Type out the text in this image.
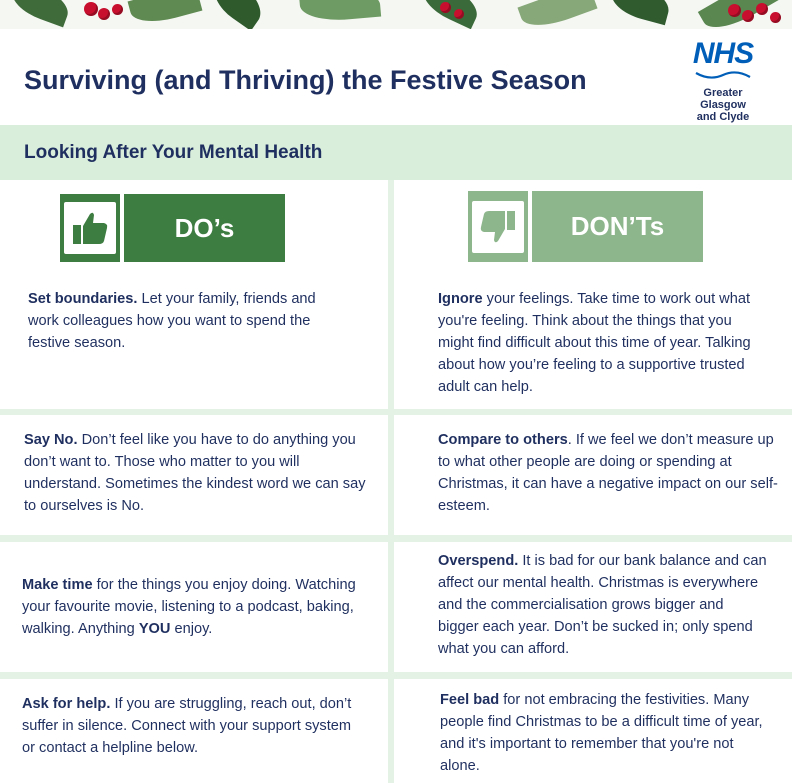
Surviving (and Thriving) the Festive Season
NHS
Greater Glasgow
and Clyde
Looking After Your Mental Health
DO’s

Set boundaries. Let your family, friends and work colleagues how you want to spend the festive season.

DON’Ts

Ignore your feelings. Take time to work out what you're feeling. Think about the things that you might find difficult about this time of year. Talking about how you’re feeling to a supportive trusted adult can help.

Say No. Don’t feel like you have to do anything you don’t want to. Those who matter to you will understand. Sometimes the kindest word we can say to ourselves is No.

Compare to others. If we feel we don’t measure up to what other people are doing or spending at Christmas, it can have a negative impact on our self-esteem.

Make time for the things you enjoy doing. Watching your favourite movie, listening to a podcast, baking, walking. Anything YOU enjoy.

Overspend. It is bad for our bank balance and can affect our mental health. Christmas is everywhere and the commercialisation grows bigger and bigger each year. Don’t be sucked in; only spend what you can afford.

Ask for help. If you are struggling, reach out, don’t suffer in silence. Connect with your support system or contact a helpline below.

Feel bad for not embracing the festivities. Many people find Christmas to be a difficult time of year, and it's important to remember that you're not alone.
